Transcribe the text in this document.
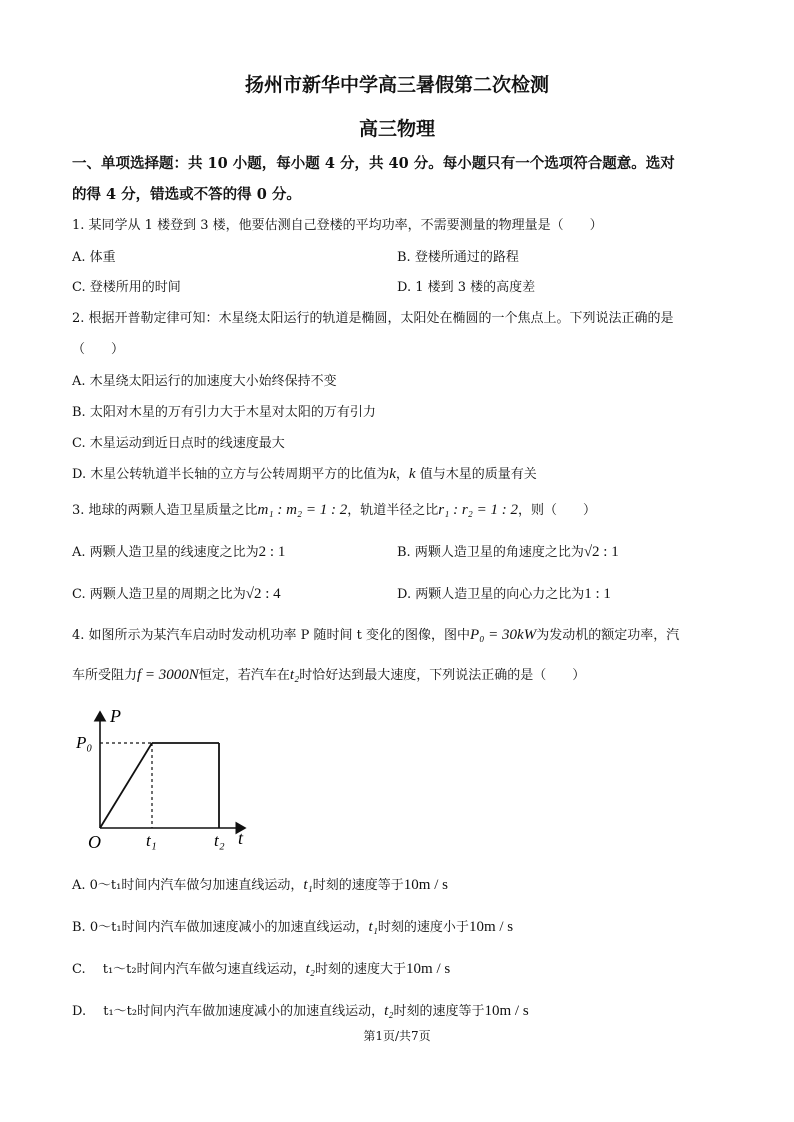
扬州市新华中学高三暑假第二次检测
高三物理
一、单项选择题：共 10 小题，每小题 4 分，共 40 分。每小题只有一个选项符合题意。选对
的得 4 分，错选或不答的得 0 分。
1. 某同学从 1 楼登到 3 楼，他要估测自己登楼的平均功率，不需要测量的物理量是（　　）
A. 体重	B. 登楼所通过的路程
C. 登楼所用的时间	D. 1 楼到 3 楼的高度差
2. 根据开普勒定律可知：木星绕太阳运行的轨道是椭圆，太阳处在椭圆的一个焦点上。下列说法正确的是
（　　）
A. 木星绕太阳运行的加速度大小始终保持不变
B. 太阳对木星的万有引力大于木星对太阳的万有引力
C. 木星运动到近日点时的线速度最大
D. 木星公转轨道半长轴的立方与公转周期平方的比值为k，k 值与木星的质量有关
3. 地球的两颗人造卫星质量之比m₁ : m₂ = 1 : 2，轨道半径之比r₁ : r₂ = 1 : 2，则（　　）
A. 两颗人造卫星的线速度之比为2 : 1	B. 两颗人造卫星的角速度之比为√2 : 1
C. 两颗人造卫星的周期之比为√2 : 4	D. 两颗人造卫星的向心力之比为1 : 1
4. 如图所示为某汽车启动时发动机功率 P 随时间 t 变化的图像，图中P₀ = 30kW为发动机的额定功率，汽
车所受阻力f = 3000N恒定，若汽车在t₂时恰好达到最大速度，下列说法正确的是（　　）
P
P₀
O	t₁	t₂ t
A. 0～t₁时间内汽车做匀加速直线运动，t₁时刻的速度等于10m / s
B. 0～t₁时间内汽车做加速度减小的加速直线运动，t₁时刻的速度小于10m / s
C. 　t₁～t₂时间内汽车做匀速直线运动，t₂时刻的速度大于10m / s
D. 　t₁～t₂时间内汽车做加速度减小的加速直线运动，t₂时刻的速度等于10m / s
第1页/共7页
